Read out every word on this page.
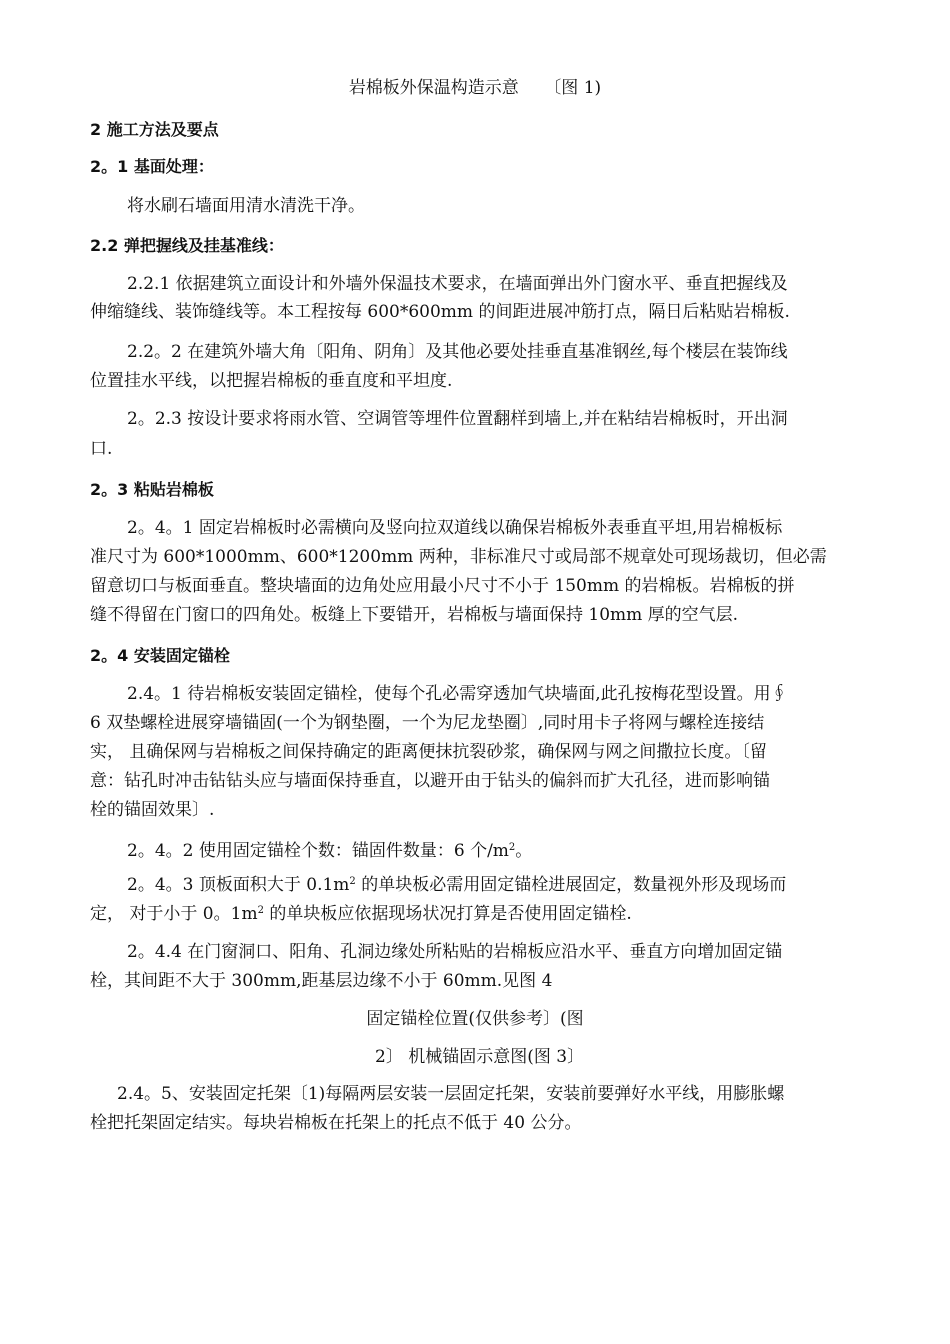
岩棉板外保温构造示意　　〔图 1)
2 施工方法及要点
2。1 基面处理：
将水刷石墙面用清水清洗干净。
2.2 弹把握线及挂基准线：
2.2.1 依据建筑立面设计和外墙外保温技术要求，在墙面弹出外门窗水平、垂直把握线及
伸缩缝线、装饰缝线等。本工程按每 600*600mm 的间距进展冲筋打点，隔日后粘贴岩棉板.
2.2。2 在建筑外墙大角〔阳角、阴角〕及其他必要处挂垂直基准钢丝,每个楼层在装饰线
位置挂水平线，以把握岩棉板的垂直度和平坦度.
2。2.3 按设计要求将雨水管、空调管等埋件位置翻样到墙上,并在粘结岩棉板时，开出洞
口.
2。3 粘贴岩棉板
2。4。1 固定岩棉板时必需横向及竖向拉双道线以确保岩棉板外表垂直平坦,用岩棉板标
准尺寸为 600*1000mm、600*1200mm 两种，非标准尺寸或局部不规章处可现场裁切，但必需
留意切口与板面垂直。整块墙面的边角处应用最小尺寸不小于 150mm 的岩棉板。岩棉板的拼
缝不得留在门窗口的四角处。板缝上下要错开，岩棉板与墙面保持 10mm 厚的空气层.
2。4 安装固定锚栓
2.4。1 待岩棉板安装固定锚栓，使每个孔必需穿透加气块墙面,此孔按梅花型设置。用∮
6 双垫螺栓进展穿墙锚固(一个为钢垫圈，一个为尼龙垫圈〕,同时用卡子将网与螺栓连接结
实， 且确保网与岩棉板之间保持确定的距离便抹抗裂砂浆，确保网与网之间撒拉长度。〔留
意：钻孔时冲击钻钻头应与墙面保持垂直，以避开由于钻头的偏斜而扩大孔径，进而影响锚
栓的锚固效果〕.
2。4。2 使用固定锚栓个数：锚固件数量：6 个$/m^2$。
2。4。3 顶板面积大于 $0.1m^2$ 的单块板必需用固定锚栓进展固定，数量视外形及现场而
定， 对于小于 0。$1m^2$ 的单块板应依据现场状况打算是否使用固定锚栓.
2。4.4 在门窗洞口、阳角、孔洞边缘处所粘贴的岩棉板应沿水平、垂直方向增加固定锚
栓，其间距不大于 300mm,距基层边缘不小于 60mm.见图 4
固定锚栓位置(仅供参考〕(图
2〕 机械锚固示意图(图 3〕
2.4。5、安装固定托架〔1)每隔两层安装一层固定托架，安装前要弹好水平线，用膨胀螺
栓把托架固定结实。每块岩棉板在托架上的托点不低于 40 公分。
